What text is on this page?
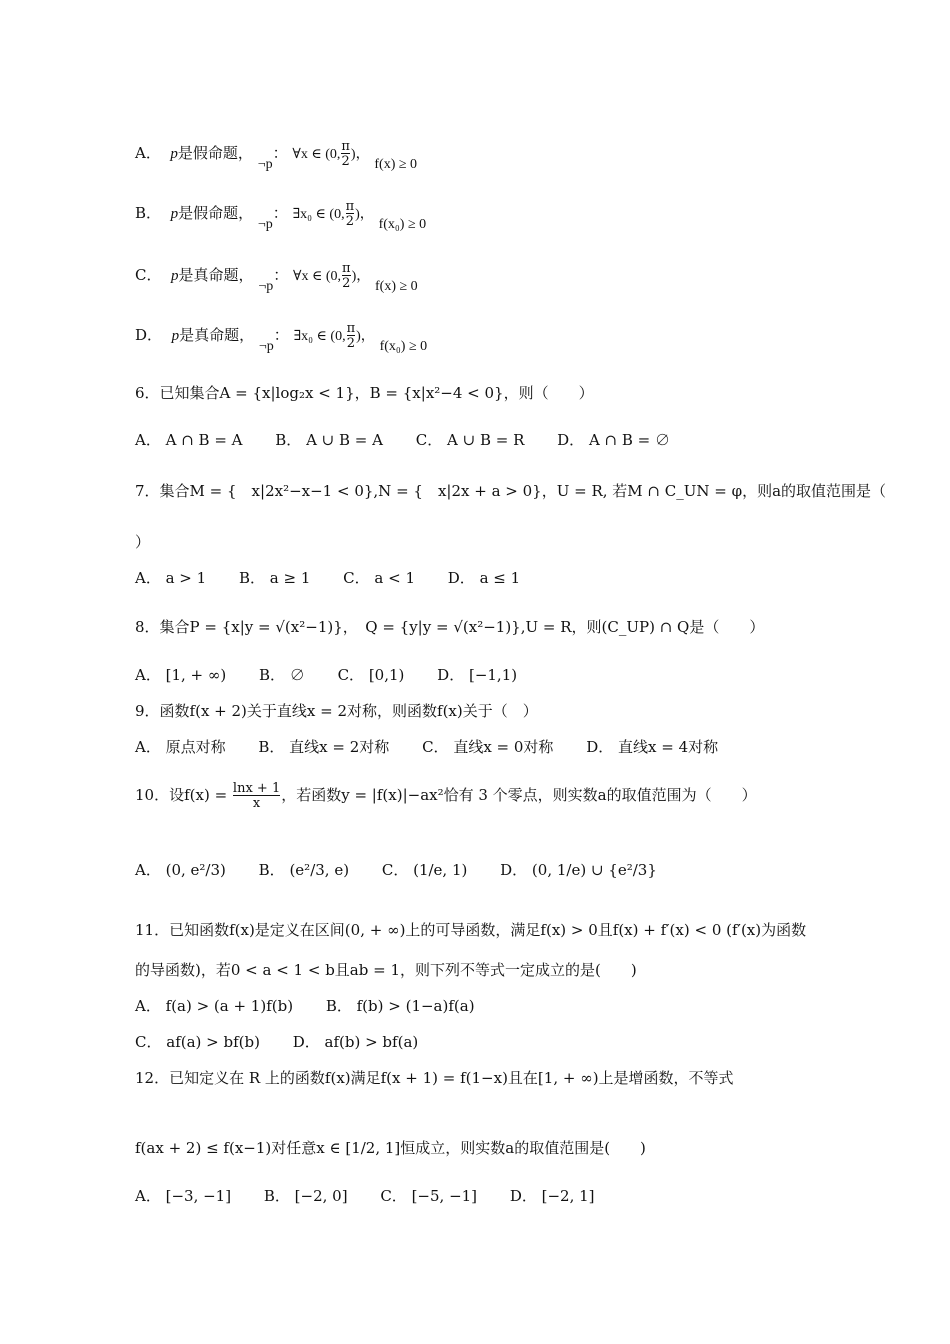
A． p是假命题， ¬p： ∀x ∈ (0, $\frac{\pi}{2}$ )， f(x) ≥ 0
B． p是假命题， ¬p： ∃x₀ ∈ (0, $\frac{\pi}{2}$ )， f(x₀) ≥ 0
C． p是真命题， ¬p： ∀x ∈ (0, $\frac{\pi}{2}$ )， f(x) ≥ 0
D． p是真命题， ¬p： ∃x₀ ∈ (0, $\frac{\pi}{2}$ )， f(x₀) ≥ 0
6．已知集合A = {x|log₂x < 1}，B = {x|x²−4 < 0}，则（　　）
A． A ∩ B = A B． A ∪ B = A C． A ∪ B = R D． A ∩ B = ∅
7．集合M = {　x|2x²−x−1 < 0},N = {　x|2x + a > 0}，U = R, 若M ∩ C_UN = φ，则a的取值范围是（
）
A． a > 1 B． a ≥ 1 C． a < 1 D． a ≤ 1
8．集合P = {x|y = √(x²−1)}，　Q = {y|y = √(x²−1)},U = R，则(C_UP) ∩ Q是（　　）
A． [1, + ∞) B． ∅ C． [0,1) D． [−1,1)
9．函数f(x + 2)关于直线x = 2对称，则函数f(x)关于（　）
A． 原点对称 B． 直线x = 2对称 C． 直线x = 0对称 D． 直线x = 4对称
10．设$f(x) = \frac{\ln x + 1}{x}$ ，若函数y = |f(x)|−ax²恰有 3 个零点，则实数a的取值范围为（　　）
A． (0, e²/3) B． (e²/3, e) C． (1/e, 1) D． (0, 1/e) ∪ {e²/3}
11．已知函数f(x)是定义在区间(0, + ∞)上的可导函数，满足f(x) > 0且f(x) + f′(x) < 0 (f′(x)为函数
的导函数)，若0 < a < 1 < b且ab = 1，则下列不等式一定成立的是(　　)
A． f(a) > (a + 1)f(b) B． f(b) > (1−a)f(a)
C． af(a) > bf(b) D． af(b) > bf(a)
12．已知定义在 R 上的函数f(x)满足f(x + 1) = f(1−x)且在[1, + ∞)上是增函数，不等式
f(ax + 2) ≤ f(x−1)对任意x ∈ [1/2, 1]恒成立，则实数a的取值范围是(　　)
A． [−3, −1] B． [−2, 0] C． [−5, −1] D． [−2, 1]
